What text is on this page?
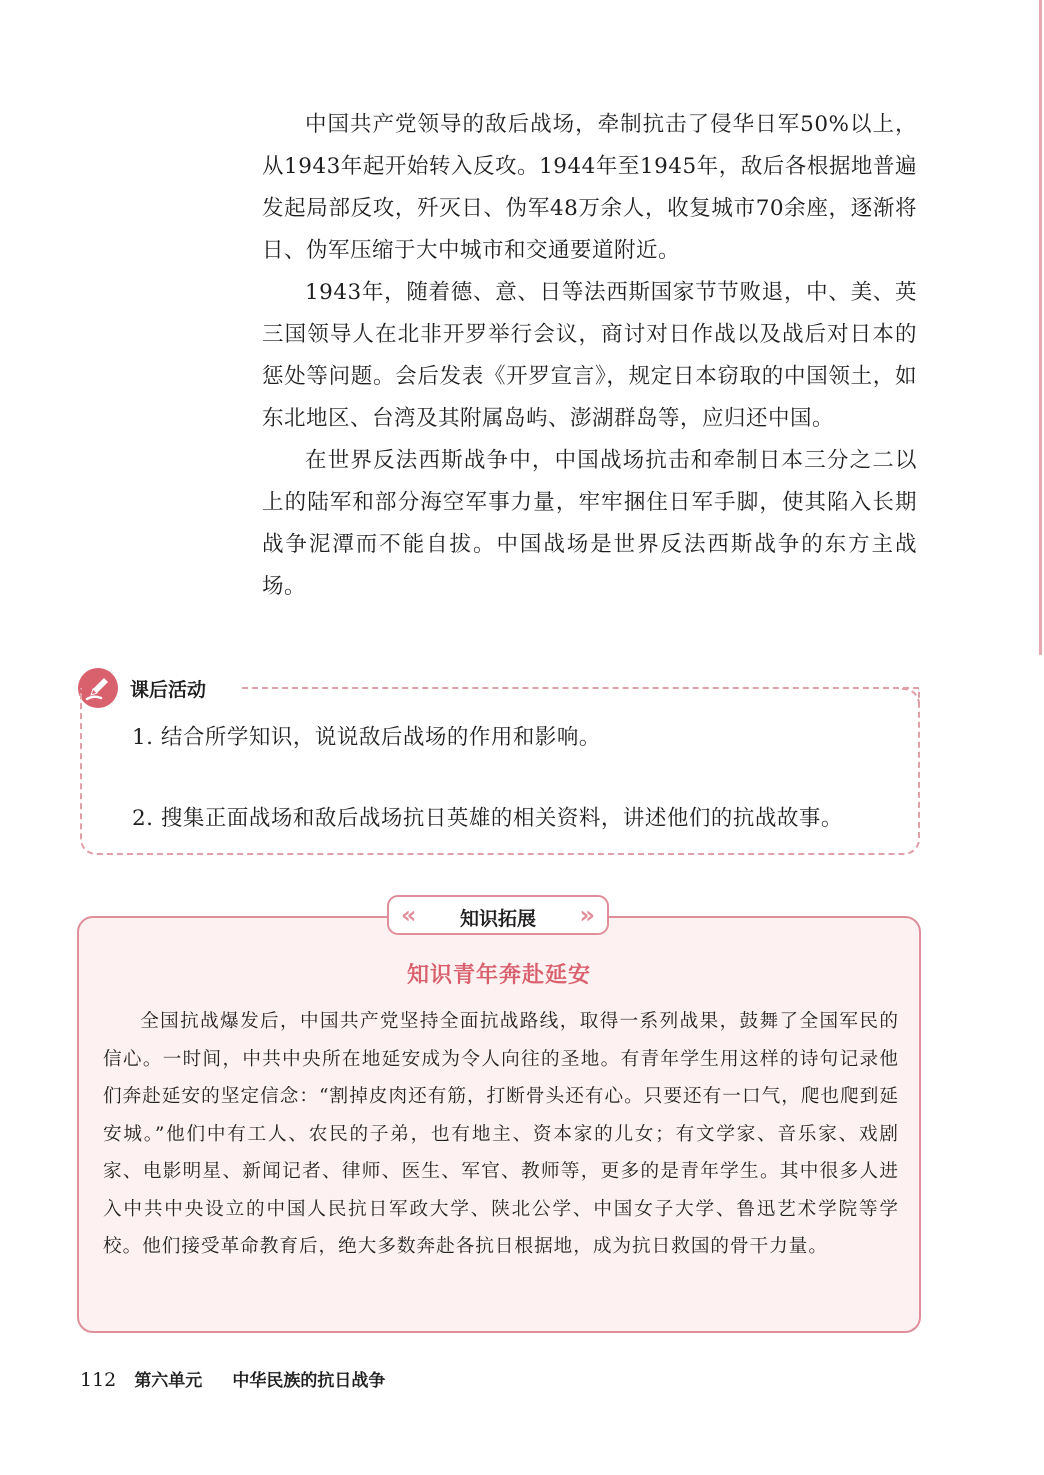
中国共产党领导的敌后战场，牵制抗击了侵华日军50%以上，从1943年起开始转入反攻。1944年至1945年，敌后各根据地普遍发起局部反攻，歼灭日、伪军48万余人，收复城市70余座，逐渐将日、伪军压缩于大中城市和交通要道附近。

1943年，随着德、意、日等法西斯国家节节败退，中、美、英三国领导人在北非开罗举行会议，商讨对日作战以及战后对日本的惩处等问题。会后发表《开罗宣言》，规定日本窃取的中国领土，如东北地区、台湾及其附属岛屿、澎湖群岛等，应归还中国。

在世界反法西斯战争中，中国战场抗击和牵制日本三分之二以上的陆军和部分海空军事力量，牢牢捆住日军手脚，使其陷入长期战争泥潭而不能自拔。中国战场是世界反法西斯战争的东方主战场。

课后活动
1. 结合所学知识，说说敌后战场的作用和影响。
2. 搜集正面战场和敌后战场抗日英雄的相关资料，讲述他们的抗战故事。
知识青年奔赴延安

全国抗战爆发后，中国共产党坚持全面抗战路线，取得一系列战果，鼓舞了全国军民的信心。一时间，中共中央所在地延安成为令人向往的圣地。有青年学生用这样的诗句记录他们奔赴延安的坚定信念：“割掉皮肉还有筋，打断骨头还有心。只要还有一口气，爬也爬到延安城。”他们中有工人、农民的子弟，也有地主、资本家的儿女；有文学家、音乐家、戏剧家、电影明星、新闻记者、律师、医生、军官、教师等，更多的是青年学生。其中很多人进入中共中央设立的中国人民抗日军政大学、陕北公学、中国女子大学、鲁迅艺术学院等学校。他们接受革命教育后，绝大多数奔赴各抗日根据地，成为抗日救国的骨干力量。

«	知识拓展	»
112 第六单元 中华民族的抗日战争
